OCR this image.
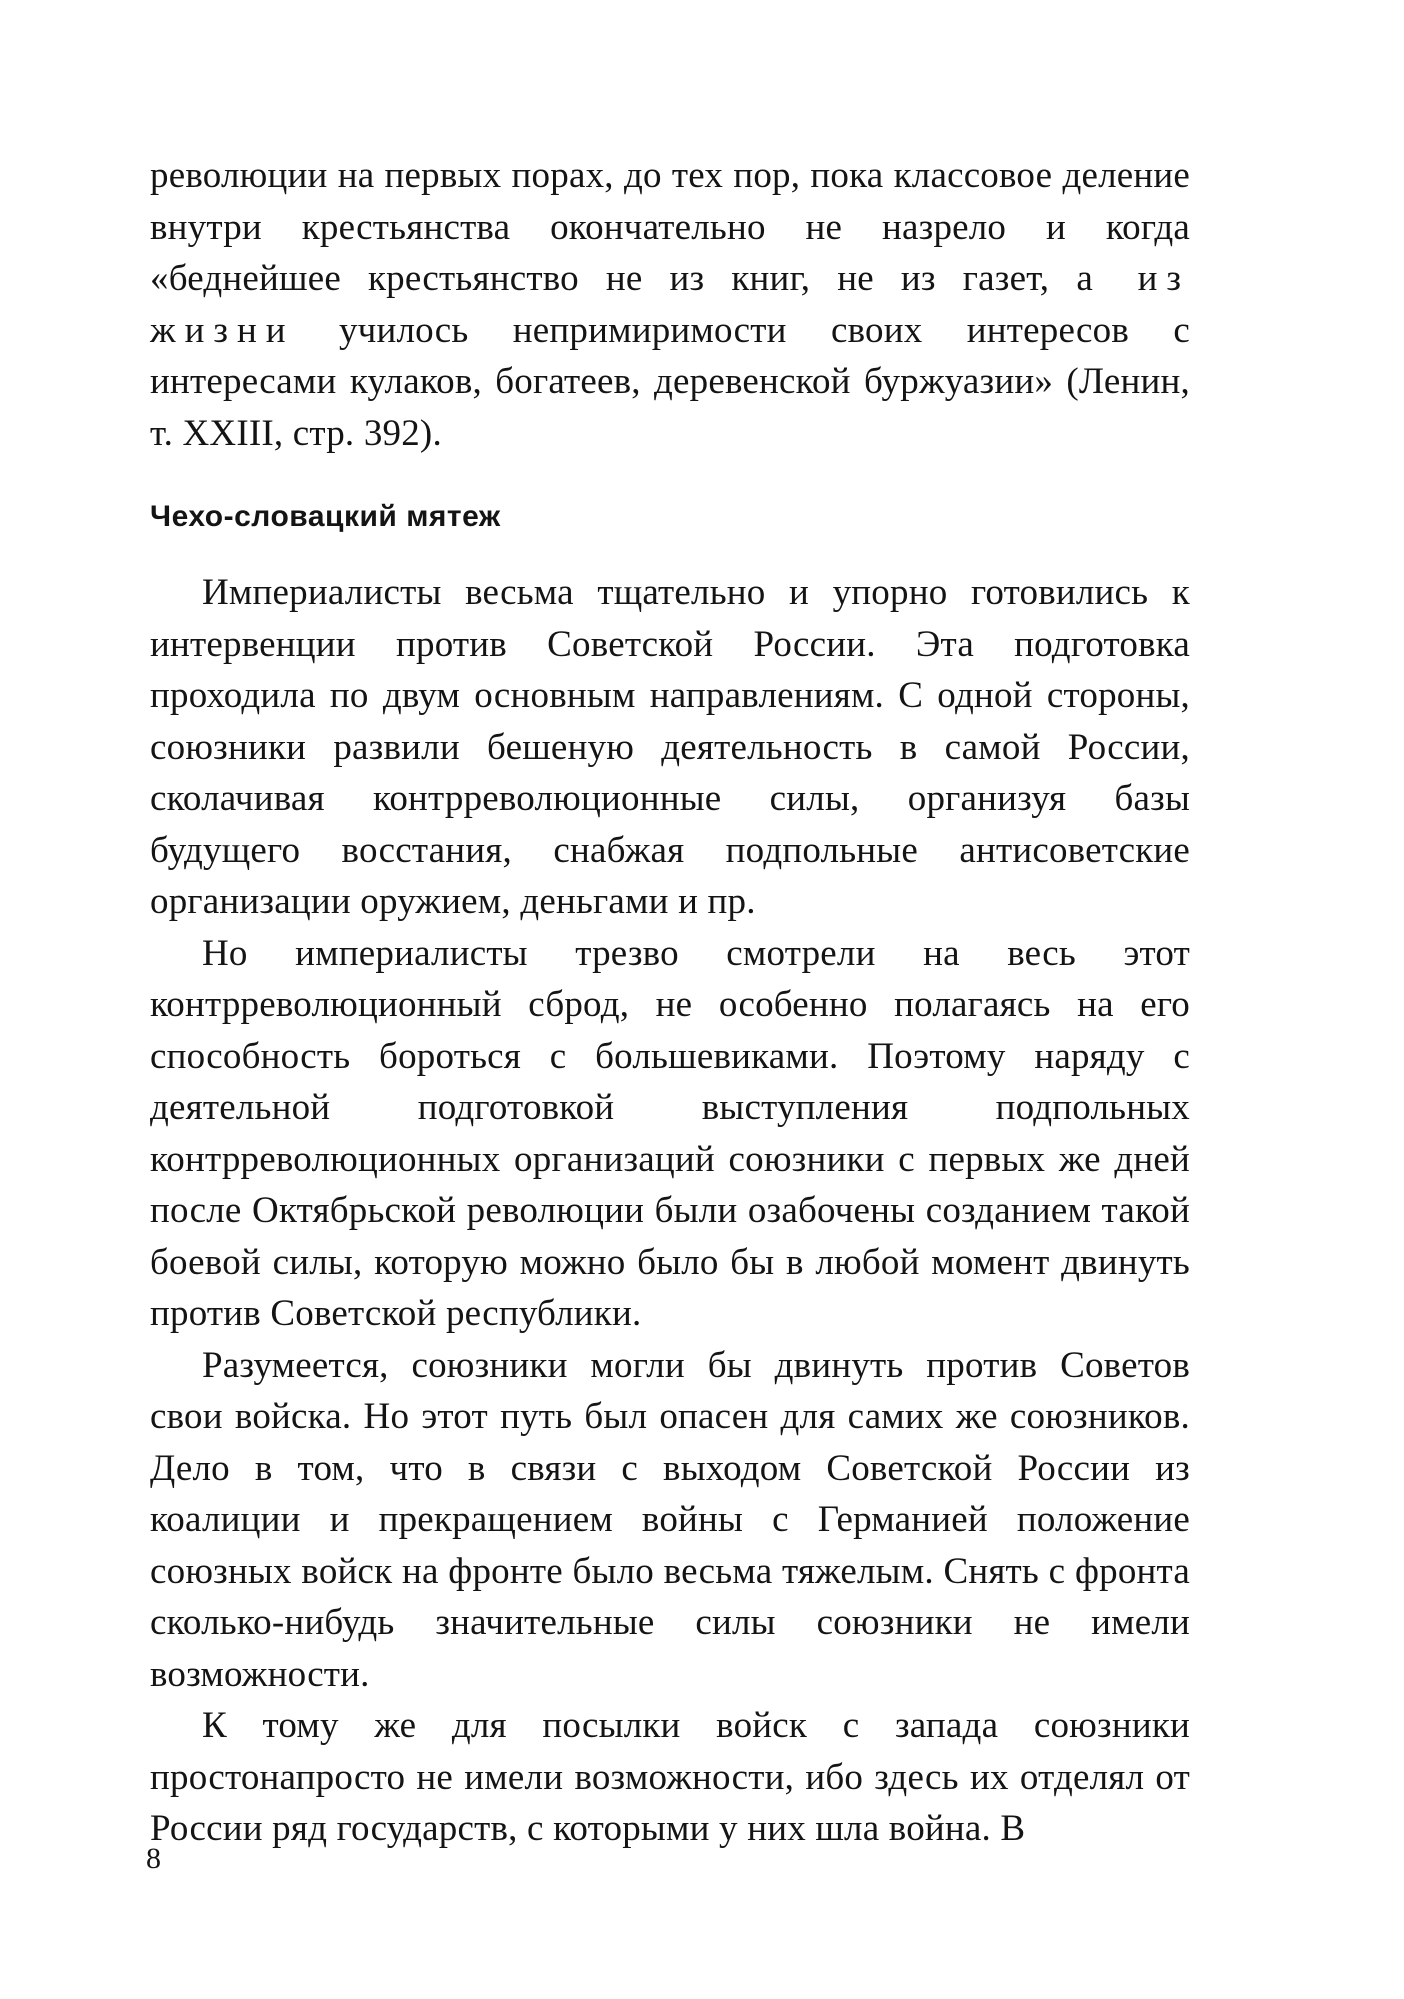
революции на первых порах, до тех пор, пока классовое деление внутри крестьянства окончательно не назрело и когда «беднейшее крестьянство не из книг, не из газет, а из жизни училось непримиримости своих интересов с интересами кулаков, богатеев, деревенской буржуазии» (Ленин, т. XXIII, стр. 392).

Чехо-словацкий мятеж

Империалисты весьма тщательно и упорно готовились к интервенции против Советской России. Эта подготовка проходила по двум основным направлениям. С одной стороны, союзники развили бешеную деятельность в самой России, сколачивая контрреволюционные силы, организуя базы будущего восстания, снабжая подпольные антисоветские организации оружием, деньгами и пр.

Но империалисты трезво смотрели на весь этот контрреволюционный сброд, не особенно полагаясь на его способность бороться с большевиками. Поэтому наряду с деятельной подготовкой выступления подпольных контрреволюционных организаций союзники с первых же дней после Октябрьской революции были озабочены созданием такой боевой силы, которую можно было бы в любой момент двинуть против Советской республики.

Разумеется, союзники могли бы двинуть против Советов свои войска. Но этот путь был опасен для самих же союзников. Дело в том, что в связи с выходом Советской России из коалиции и прекращением войны с Германией положение союзных войск на фронте было весьма тяжелым. Снять с фронта сколько-нибудь значительные силы союзники не имели возможности.

К тому же для посылки войск с запада союзники простонапросто не имели возможности, ибо здесь их отделял от России ряд государств, с которыми у них шла война. В

8
